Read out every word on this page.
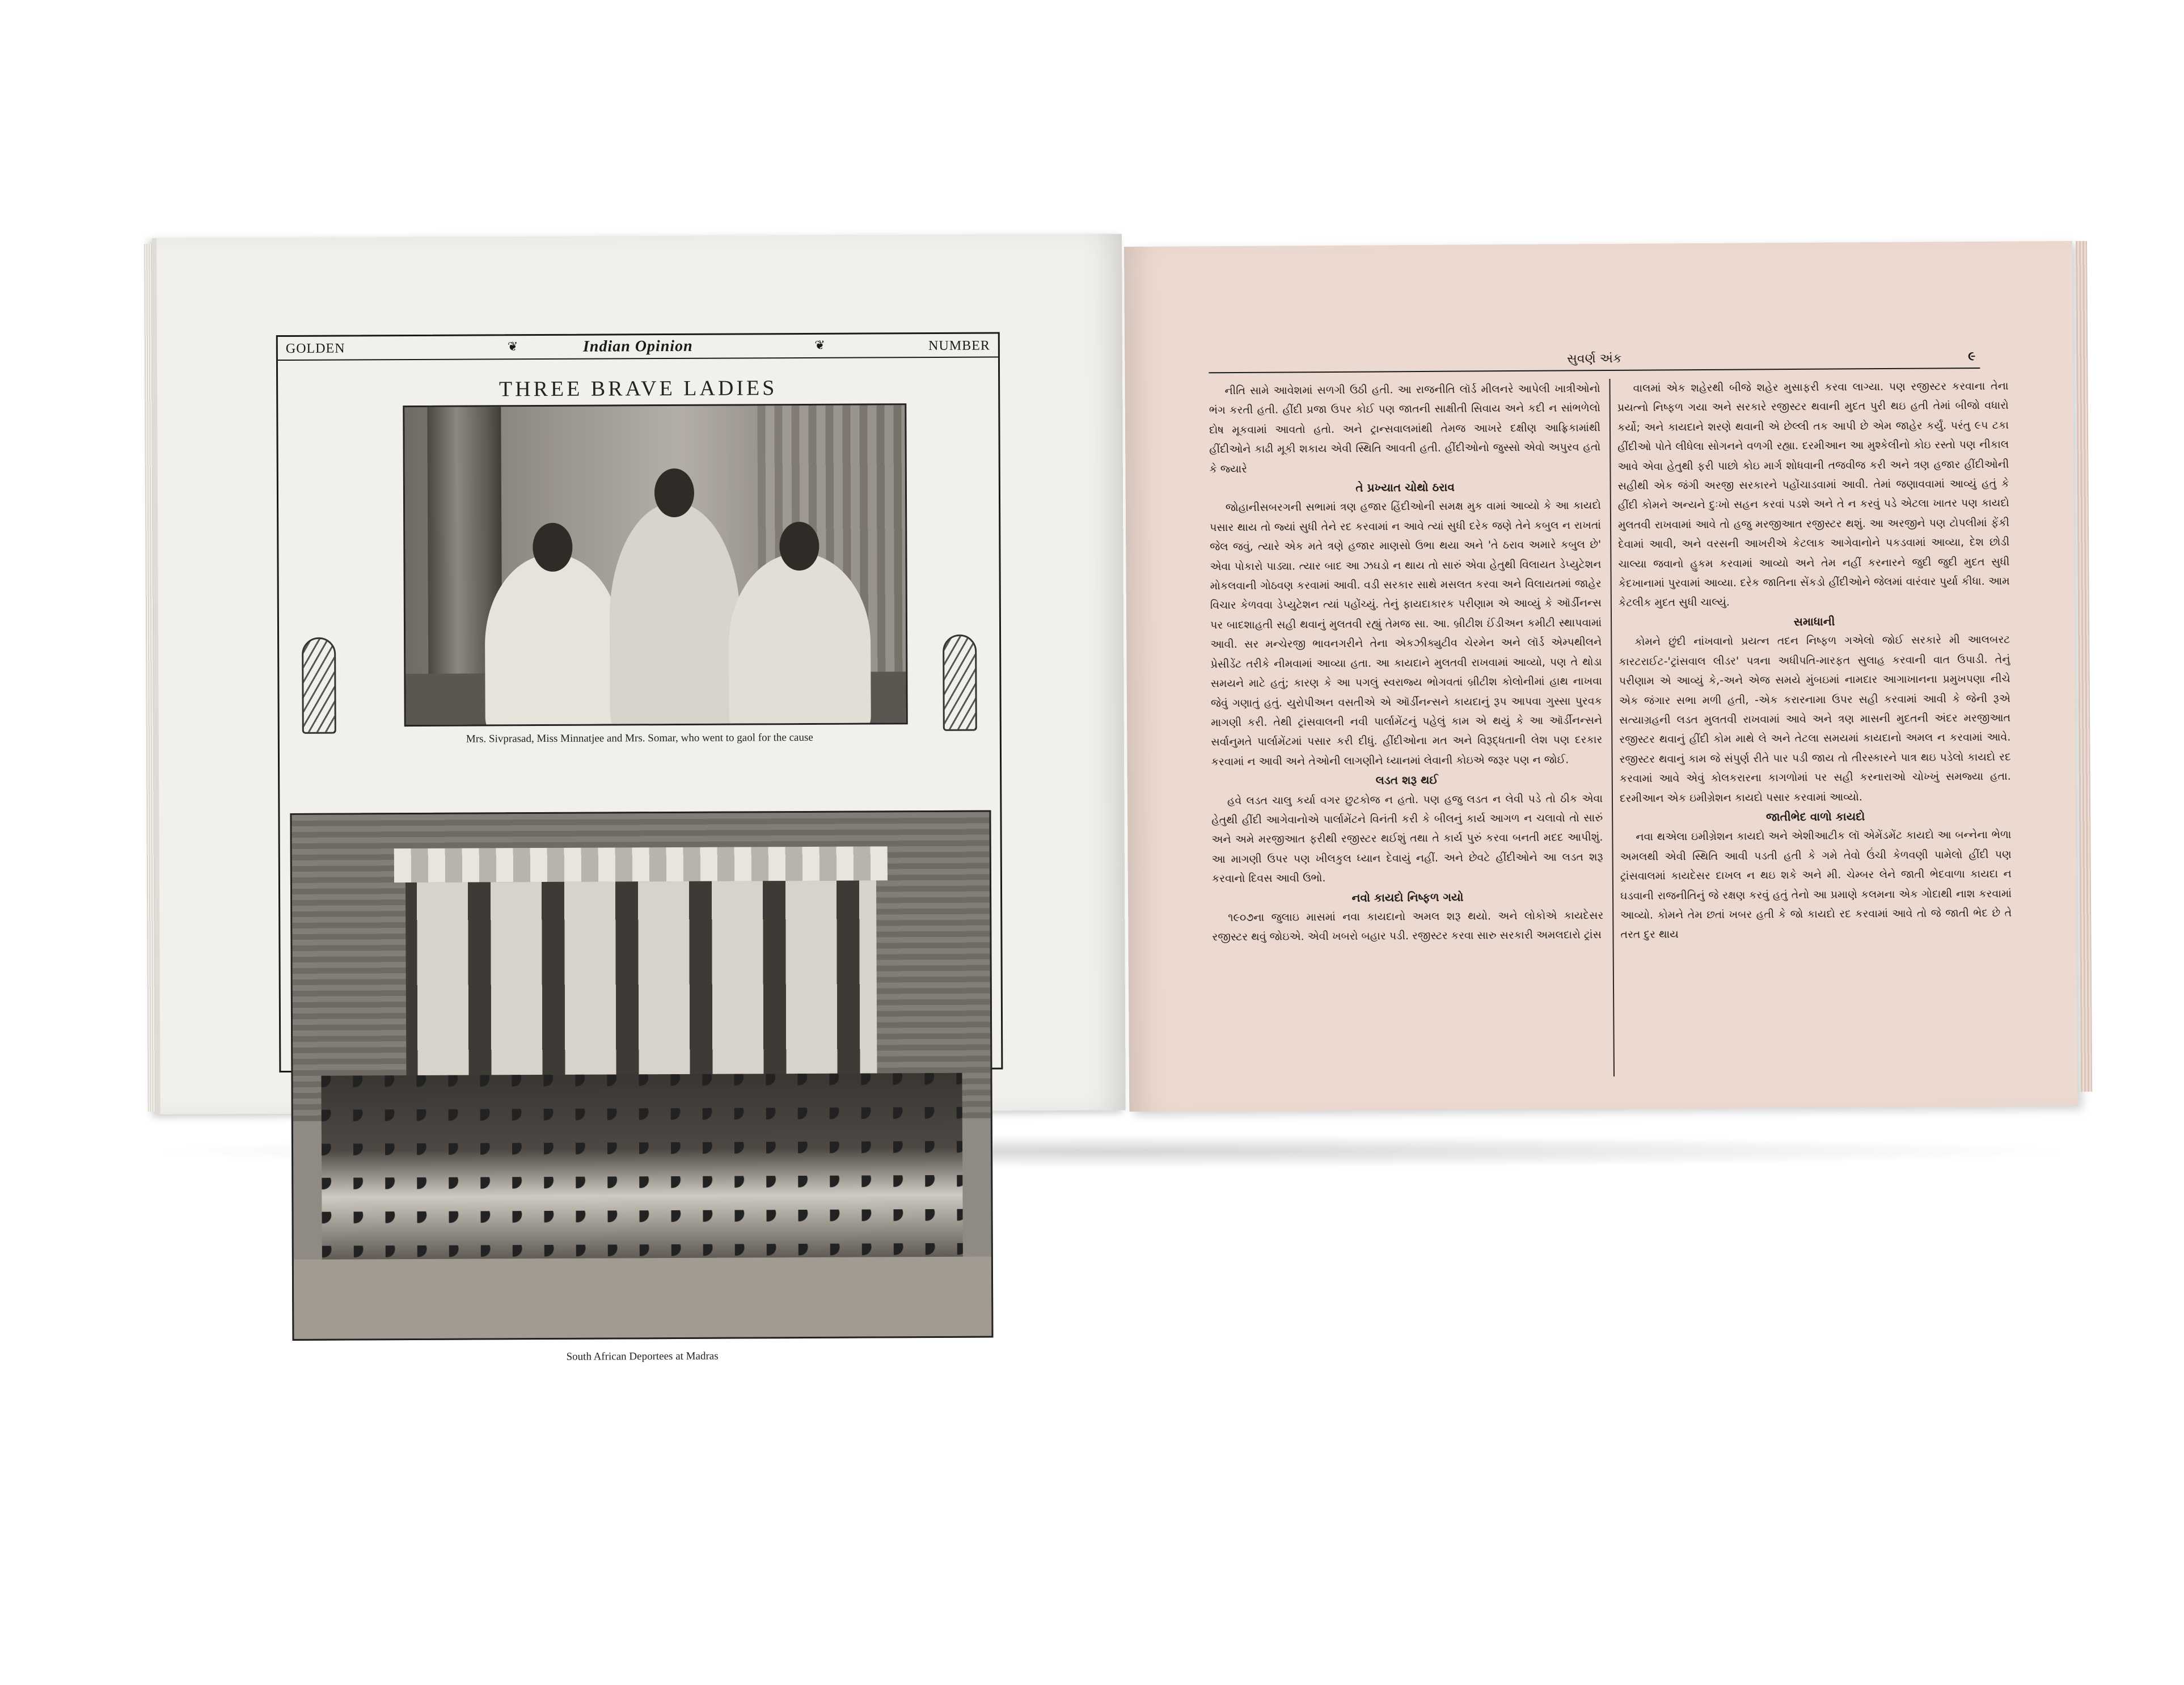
GOLDEN	❦	Indian Opinion	❦	NUMBER
THREE BRAVE LADIES
Mrs. Sivprasad, Miss Minnatjee and Mrs. Somar, who went to gaol for the cause
South African Deportees at Madras
સુવર્ણ અંક	૯

નીતિ સામે આવેશમાં સળગી ઉઠી હતી. આ રાજનીતિ લૉર્ડ મીલનરે આપેલી ખાત્રીઓનો ભંગ કરતી હતી. હીંદી પ્રજા ઉપર કોઈ પણ જાતની સાક્ષીતી સિવાય અને કદી ન સાંભળેલો દોષ મૂકવામાં આવતો હતો. અને ટ્રાન્સવાલમાંથી તેમજ આખરે દક્ષીણ આફ્રિકામાંથી હીંદીઓને કાઢી મૂકી શકાય એવી સ્થિતિ આવતી હતી. હીંદીઓનો જુસ્સો એવો અપુરવ હતો કે જ્યારે

તે પ્રખ્યાત ચોથો ઠરાવ

જોહાનીસબરગની સભામાં ત્રણ હજાર હિંદીઓની સમક્ષ મુક વામાં આવ્યો કે આ કાયદો પસાર થાય તો જ્યાં સુધી તેને રદ કરવામાં ન આવે ત્યાં સુધી દરેક જણે તેને કબુલ ન રાખતાં જેલ જવું, ત્યારે એક મતે ત્રણે હજાર માણસો ઉભા થયા અને 'તે ઠરાવ અમારે કબુલ છે' એવા પોકારો પાડ્યા. ત્યાર બાદ આ ઝઘડો ન થાય તો સારું એવા હેતુથી વિલાયત ડેપ્યુટેશન મોકલવાની ગોઠવણ કરવામાં આવી. વડી સરકાર સાથે મસલત કરવા અને વિલાયતમાં જાહેર વિચાર કેળવવા ડેપ્યુટેશન ત્યાં પહોંચ્યું. તેનું ફાયદાકારક પરીણામ એ આવ્યું કે ઑર્ડીનન્સ પર બાદશાહતી સહી થવાનું મુલતવી રહ્યું તેમજ સા. આ. બ્રીટીશ ઈંડીઅન કમીટી સ્થાપવામાં આવી. સર મન્ચેરજી ભાવનગરીને તેના એકઝીક્યુટીવ ચેરમેન અને લૉર્ડ એમ્પથીલને પ્રેસીડેંટ તરીકે નીમવામાં આવ્યા હતા. આ કાયદાને મુલતવી રાખવામાં આવ્યો, પણ તે થોડા સમયને માટે હતું; કારણ કે આ પગલું સ્વરાજ્ય ભોગવતાં બ્રીટીશ કોલોનીમાં હાથ નાખવા જેવું ગણાતું હતું. યુરોપીઅન વસતીએ એ ઑર્ડીનન્સને કાયદાનું રૂપ આપવા ગુસ્સા પુરવક માગણી કરી. તેથી ટ્રાંસવાલની નવી પાર્લામેંટનું પહેલું કામ એ થયું કે આ ઑર્ડીનન્સને સર્વાનુમતે પાર્લામેંટમાં પસાર કરી દીધું. હીંદીઓના મત અને વિરૂદ્ધતાની લેશ પણ દરકાર કરવામાં ન આવી અને તેઓની લાગણીને ધ્યાનમાં લેવાની કોઇએ જરૂર પણ ન જોઈ.

લડત શરૂ થઈ

હવે લડત ચાલુ કર્યા વગર છુટકોજ ન હતો. પણ હજુ લડત ન લેવી પડે તો ઠીક એવા હેતુથી હીંદી આગેવાનોએ પાર્લામેંટને વિનંતી કરી કે બીલનું કાર્ય આગળ ન ચલાવો તો સારું અને અમે મરજીઆત ફરીથી રજીસ્ટર થઈશું તથા તે કાર્ય પુરું કરવા બનતી મદદ આપીશું. આ માગણી ઉપર પણ ખીલકુલ ધ્યાન દેવાયું નહીં. અને છેવટે હીંદીઓને આ લડત શરૂ કરવાનો દિવસ આવી ઉભો.

નવો કાયદો નિષ્ફળ ગયો

૧૯૦૭ના જુલાઇ માસમાં નવા કાયદાનો અમલ શરૂ થયો. અને લોકોએ કાયદેસર રજીસ્ટર થવું જોઇએ. એવી ખબરો બહાર પડી. રજીસ્ટર કરવા સારુ સરકારી અમલદારો ટ્રાંસ

વાલમાં એક શહેરથી બીજે શહેર મુસાફરી કરવા લાગ્યા. પણ રજીસ્ટર કરવાના તેના પ્રયત્નો નિષ્ફળ ગયા અને સરકારે રજીસ્ટર થવાની મુદત પુરી થઇ હતી તેમાં બીજો વધારો કર્યો; અને કાયદાને શરણે થવાની એ છેલ્લી તક આપી છે એમ જાહેર કર્યું. પરંતુ ૯૫ ટકા હીંદીઓ પોતે લીધેલા સોગનને વળગી રહ્યા. દરમીઆન આ મુશ્કેલીનો કોઇ રસ્તો પણ નીકાલ આવે એવા હેતુથી ફરી પાછો કોઇ માર્ગ શોધવાની તજવીજ કરી અને ત્રણ હજાર હીંદીઓની સહીથી એક જંગી અરજી સરકારને પહોંચાડવામાં આવી. તેમાં જણાવવામાં આવ્યું હતું કે હીંદી કોમને અન્યને દુઃખો સહન કરવાં પડશે અને તે ન કરવું પડે એટલા ખાતર પણ કાયદો મુલતવી રાખવામાં આવે તો હજુ મરજીઆત રજીસ્ટર થશું. આ અરજીને પણ ટોપલીમાં ફેંકી દેવામાં આવી, અને વરસની આખરીએ કેટલાક આગેવાનોને પકડવામાં આવ્યા, દેશ છોડી ચાલ્યા જવાનો હુકમ કરવામાં આવ્યો અને તેમ નહીં કરનારને જુદી જુદી મુદત સુધી કેદખાનામાં પુરવામાં આવ્યા. દરેક જાતિના સેંકડો હીંદીઓને જેલમાં વારંવાર પુર્યા કીધા. આમ કેટલીક મુદત સુધી ચાલ્યું.

સમાધાની

કોમને છુંદી નાંખવાનો પ્રયત્ન તદન નિષ્ફળ ગએલો જોઈ સરકારે મી આલબરટ કારટરાઈટ-'ટ્રાંસવાલ લીડર' પત્રના અધીપતિ-મારફત સુલાહ કરવાની વાત ઉપાડી. તેનું પરીણામ એ આવ્યું કે,-અને એજ સમયે મુંબઇમાં નામદાર આગાખાનના પ્રમુખપણા નીચે એક જંગાર સભા મળી હતી, -એક કરારનામા ઉપર સહી કરવામાં આવી કે જેની રૂએ સત્યાગ્રહની લડત મુલતવી રાખવામાં આવે અને ત્રણ માસની મુદતની અંદર મરજીઆત રજીસ્ટર થવાનું હીંદી કોમ માથે લે અને તેટલા સમયમાં કાયદાનો અમલ ન કરવામાં આવે. રજીસ્ટર થવાનું કામ જે સંપુર્ણ રીતે પાર પડી જાય તો તીરસ્કારને પાત્ર થઇ પડેલો કાયદો રદ કરવામાં આવે એવું કોલકરારના કાગળોમાં પર સહી કરનારાઓ ચોખ્ખું સમજ્યા હતા. દરમીઆન એક ઇમીગ્રેશન કાયદો પસાર કરવામાં આવ્યો.

જાતીભેદ વાળો કાયદો

નવા થએલા ઇમીગ્રેશન કાયદો અને એશીઆટીક લૉ એમેંડમેંટ કાયદો આ બન્નેના ભેળા અમલથી એવી સ્થિતિ આવી પડતી હતી કે ગમે તેવો ઉંચી કેળવણી પામેલો હીંદી પણ ટ્રાંસવાલમાં કાયદેસર દાખલ ન થઇ શકે અને મી. ચેમ્બર લેને જાતી ભેદવાળા કાયદા ન ઘડવાની રાજનીતિનું જે રક્ષણ કરવું હતું તેનો આ પ્રમાણે કલમના એક ગોદાથી નાશ કરવામાં આવ્યો. કોમને તેમ છતાં ખબર હતી કે જો કાયદો રદ કરવામાં આવે તો જે જાતી ભેદ છે તે તરત દુર થાય
